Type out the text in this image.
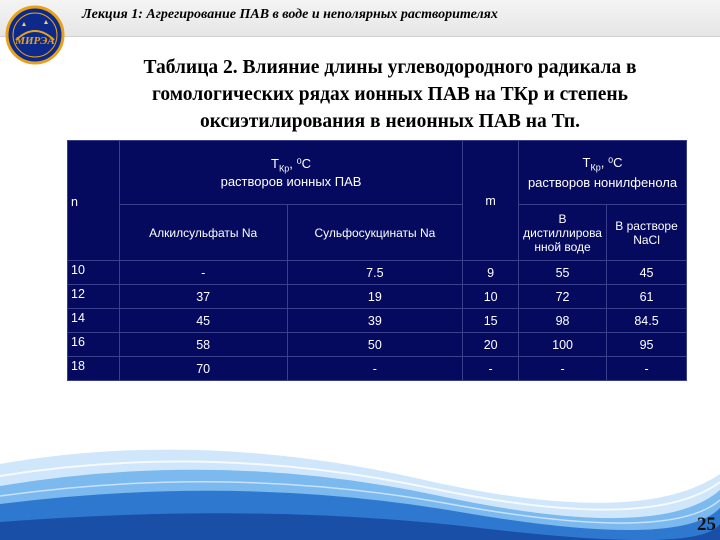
МИРЭА
Лекция 1: Агрегирование ПАВ в воде и неполярных растворителях
Таблица 2. Влияние длины углеводородного радикала в
гомологических рядах ионных ПАВ на ТКр и степень
оксиэтилирования в неионных ПАВ на Тп.
n	$Т_{Кр}$, ⁰С
растворов ионных ПАВ		m	$Т_{Кр}$, ⁰С
растворов нонилфенола	
	Алкилсульфаты Na	Сульфосукцинаты Na		В дистиллирова нной воде	В растворе NaCl
10	-	7.5	9	55	45
12	37	19	10	72	61
14	45	39	15	98	84.5
16	58	50	20	100	95
18	70	-	-	-	-
25
